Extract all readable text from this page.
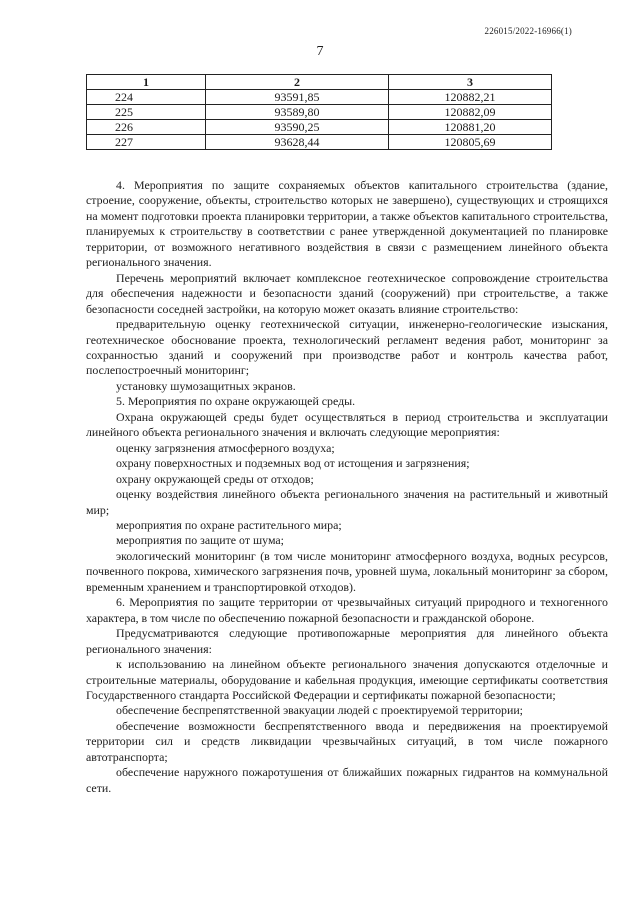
226015/2022-16966(1)
7
1	2	3
224	93591,85	120882,21
225	93589,80	120882,09
226	93590,25	120881,20
227	93628,44	120805,69

4. Мероприятия по защите сохраняемых объектов капитального строительства (здание, строение, сооружение, объекты, строительство которых не завершено), существующих и строящихся на момент подготовки проекта планировки территории, а также объектов капитального строительства, планируемых к строительству в соответствии с ранее утвержденной документацией по планировке территории, от возможного негативного воздействия в связи с размещением линейного объекта регионального значения.

Перечень мероприятий включает комплексное геотехническое сопровождение строительства для обеспечения надежности и безопасности зданий (сооружений) при строительстве, а также безопасности соседней застройки, на которую может оказать влияние строительство:

предварительную оценку геотехнической ситуации, инженерно-геологические изыскания, геотехническое обоснование проекта, технологический регламент ведения работ, мониторинг за сохранностью зданий и сооружений при производстве работ и контроль качества работ, послепостроечный мониторинг;

установку шумозащитных экранов.

5. Мероприятия по охране окружающей среды.

Охрана окружающей среды будет осуществляться в период строительства и эксплуатации линейного объекта регионального значения и включать следующие мероприятия:

оценку загрязнения атмосферного воздуха;

охрану поверхностных и подземных вод от истощения и загрязнения;

охрану окружающей среды от отходов;

оценку воздействия линейного объекта регионального значения на растительный и животный мир;

мероприятия по охране растительного мира;

мероприятия по защите от шума;

экологический мониторинг (в том числе мониторинг атмосферного воздуха, водных ресурсов, почвенного покрова, химического загрязнения почв, уровней шума, локальный мониторинг за сбором, временным хранением и транспортировкой отходов).

6. Мероприятия по защите территории от чрезвычайных ситуаций природного и техногенного характера, в том числе по обеспечению пожарной безопасности и гражданской обороне.

Предусматриваются следующие противопожарные мероприятия для линейного объекта регионального значения:

к использованию на линейном объекте регионального значения допускаются отделочные и строительные материалы, оборудование и кабельная продукция, имеющие сертификаты соответствия Государственного стандарта Российской Федерации и сертификаты пожарной безопасности;

обеспечение беспрепятственной эвакуации людей с проектируемой территории;

обеспечение возможности беспрепятственного ввода и передвижения на проектируемой территории сил и средств ликвидации чрезвычайных ситуаций, в том числе пожарного автотранспорта;

обеспечение наружного пожаротушения от ближайших пожарных гидрантов на коммунальной сети.
